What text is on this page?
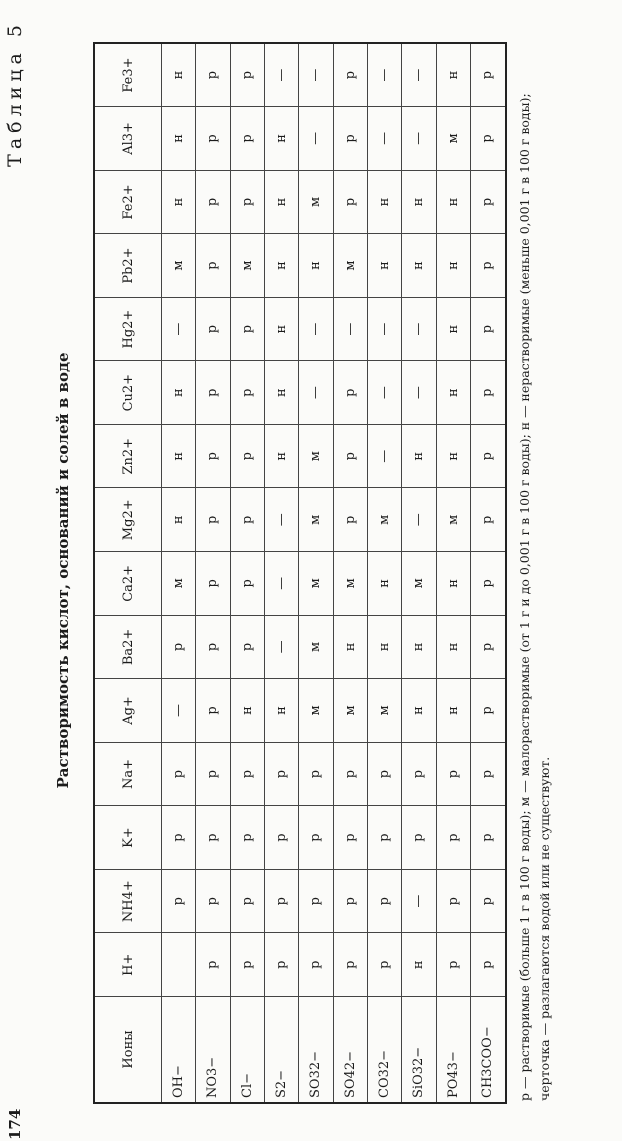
174
Таблица 5
Растворимость кислот, оснований и солей в воде
Ионы	H+	NH4+	K+	Na+	Ag+	Ba2+	Ca2+	Mg2+	Zn2+	Cu2+	Hg2+	Pb2+	Fe2+	Al3+	Fe3+
OH−		р	р	р	—	р	м	н	н	н	—	м	н	н	н
NO3−	р	р	р	р	р	р	р	р	р	р	р	р	р	р	р
Cl−	р	р	р	р	н	р	р	р	р	р	р	м	р	р	р
S2−	р	р	р	р	н	—	—	—	н	н	н	н	н	н	—
SO32−	р	р	р	р	м	м	м	м	м	—	—	н	м	—	—
SO42−	р	р	р	р	м	н	м	р	р	р	—	м	р	р	р
CO32−	р	р	р	р	м	н	н	м	—	—	—	н	н	—	—
SiO32−	н	—	р	р	н	н	м	—	н	—	—	н	н	—	—
PO43−	р	р	р	р	н	н	н	м	н	н	н	н	н	м	н
CH3COO−	р	р	р	р	р	р	р	р	р	р	р	р	р	р	р
р — растворимые (больше 1 г в 100 г воды); м — малорастворимые (от 1 г и до 0,001 г в 100 г воды); н — нерастворимые (меньше 0,001 г в 100 г воды); черточка — разлагаются водой или не существуют.
